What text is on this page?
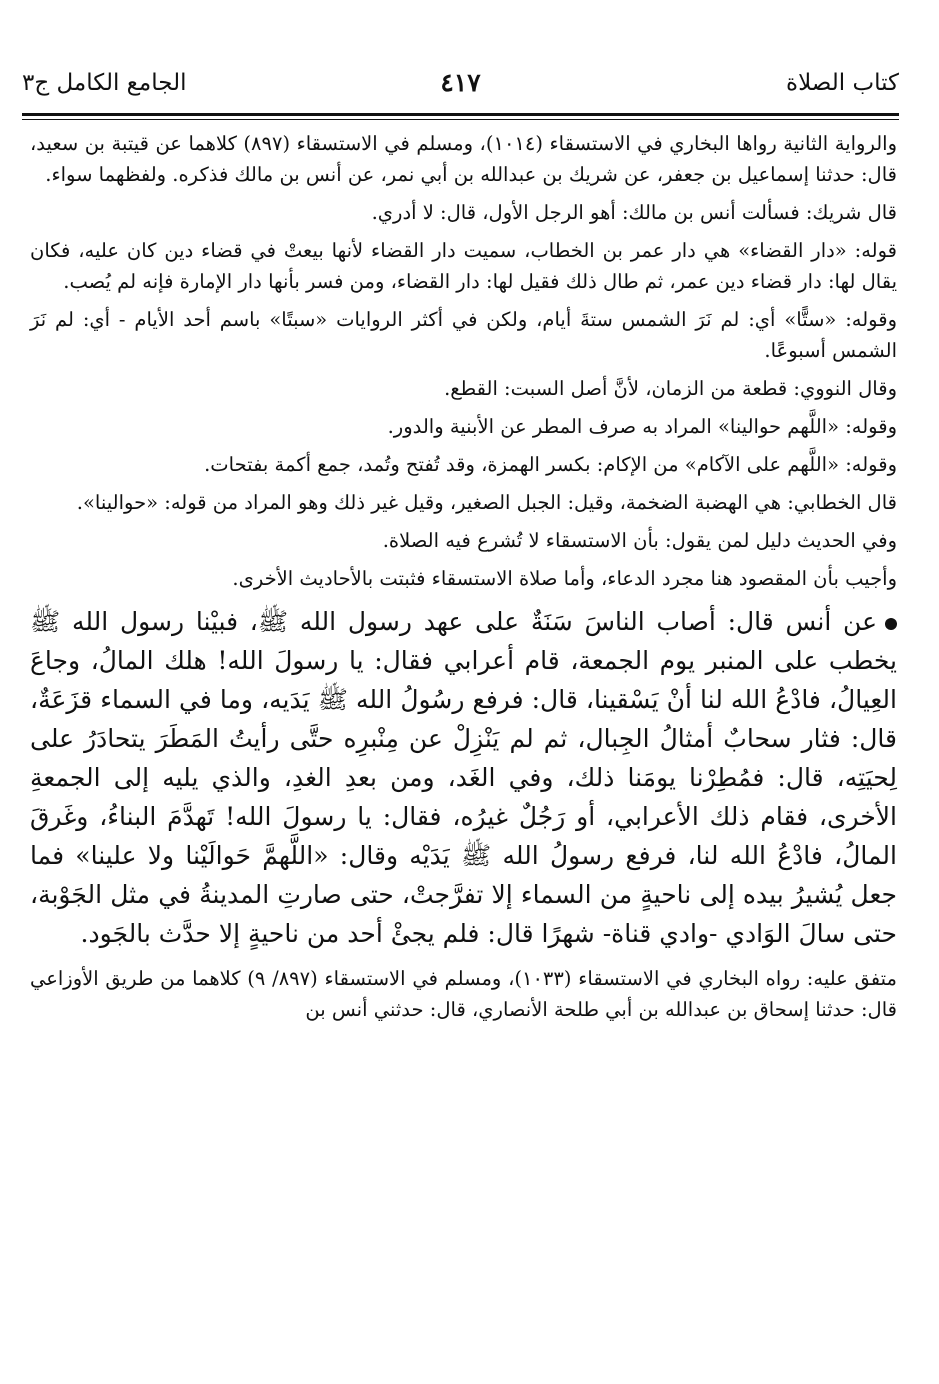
كتاب الصلاة
٤١٧
الجامع الكامل ج٣

والرواية الثانية رواها البخاري في الاستسقاء (١٠١٤)، ومسلم في الاستسقاء (٨٩٧) كلاهما عن قيتبة بن سعيد، قال: حدثنا إسماعيل بن جعفر، عن شريك بن عبدالله بن أبي نمر، عن أنس بن مالك فذكره. ولفظهما سواء.

قال شريك: فسألت أنس بن مالك: أهو الرجل الأول، قال: لا أدري.

قوله: «دار القضاء» هي دار عمر بن الخطاب، سميت دار القضاء لأنها بيعتْ في قضاء دين كان عليه، فكان يقال لها: دار قضاء دين عمر، ثم طال ذلك فقيل لها: دار القضاء، ومن فسر بأنها دار الإمارة فإنه لم يُصب.

وقوله: «ستًّا» أي: لم نَرَ الشمس ستةَ أيام، ولكن في أكثر الروايات «سبتًا» باسم أحد الأيام - أي: لم نَرَ الشمس أسبوعًا.

وقال النووي: قطعة من الزمان، لأنَّ أصل السبت: القطع.

وقوله: «اللَّهم حوالينا» المراد به صرف المطر عن الأبنية والدور.

وقوله: «اللَّهم على الآكام» من الإكام: بكسر الهمزة، وقد تُفتح وتُمد، جمع أكمة بفتحات.

قال الخطابي: هي الهضبة الضخمة، وقيل: الجبل الصغير، وقيل غير ذلك وهو المراد من قوله: «حوالينا».

وفي الحديث دليل لمن يقول: بأن الاستسقاء لا تُشرع فيه الصلاة.

وأجيب بأن المقصود هنا مجرد الدعاء، وأما صلاة الاستسقاء فثبتت بالأحاديث الأخرى.

عن أنس قال: أصاب الناسَ سَنَةٌ على عهد رسول الله ﷺ، فبيْنا رسول الله ﷺ يخطب على المنبر يوم الجمعة، قام أعرابي فقال: يا رسولَ الله! هلك المالُ، وجاعَ العِيالُ، فادْعُ الله لنا أنْ يَسْقينا، قال: فرفع رسُولُ الله ﷺ يَدَيه، وما في السماء قزَعَةٌ، قال: فثار سحابٌ أمثالُ الجِبال، ثم لم يَنْزِلْ عن مِنْبرِه حتَّى رأيتُ المَطَرَ يتحادَرُ على لِحيَتِه، قال: فمُطِرْنا يومَنا ذلك، وفي الغَد، ومن بعدِ الغدِ، والذي يليه إلى الجمعةِ الأخرى، فقام ذلك الأعرابي، أو رَجُلٌ غيرُه، فقال: يا رسولَ الله! تَهدَّمَ البناءُ، وغَرقَ المالُ، فادْعُ الله لنا، فرفع رسولُ الله ﷺ يَدَيْه وقال: «اللَّهمَّ حَوالَيْنا ولا علينا» فما جعل يُشيرُ بيده إلى ناحيةٍ من السماء إلا تفرَّجتْ، حتى صارتِ المدينةُ في مثل الجَوْبة، حتى سالَ الوَادي -وادي قناة- شهرًا قال: فلم يجئْ أحد من ناحيةٍ إلا حدَّث بالجَود.

متفق عليه: رواه البخاري في الاستسقاء (١٠٣٣)، ومسلم في الاستسقاء (٨٩٧/ ٩) كلاهما من طريق الأوزاعي قال: حدثنا إسحاق بن عبدالله بن أبي طلحة الأنصاري، قال: حدثني أنس بن
